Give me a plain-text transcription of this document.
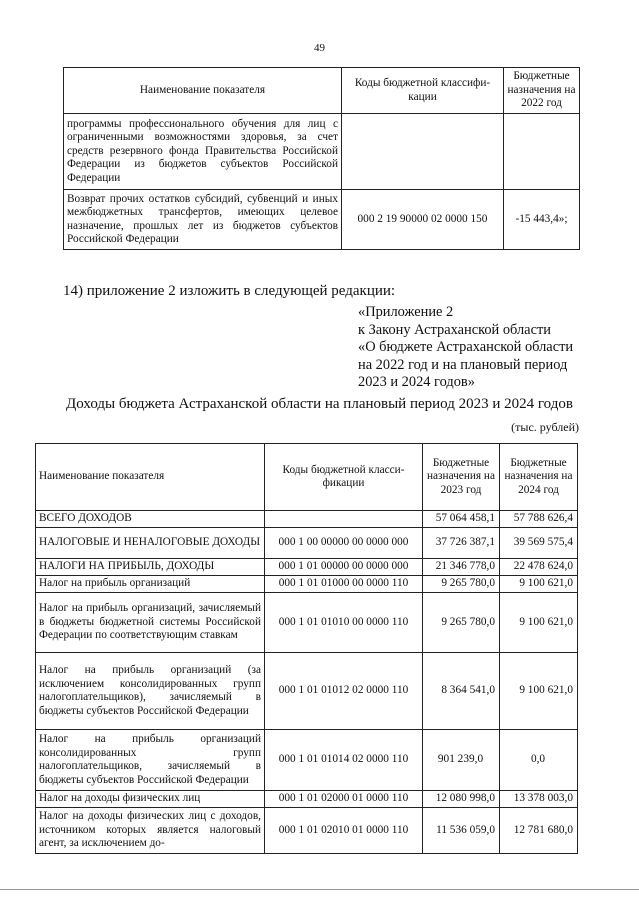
49
Наименование показателя	Коды бюджетной классифи-кации	Бюджетные назначения на 2022 год
программы профессионального обучения для лиц с ограниченными возможностями здоровья, за счет средств резервного фонда Правительства Российской Федерации из бюджетов субъектов Российской Федерации		
Возврат прочих остатков субсидий, субвенций и иных межбюджетных трансфертов, имеющих целевое назначение, прошлых лет из бюджетов субъектов Российской Федерации	000 2 19 90000 02 0000 150	-15 443,4»;
14) приложение 2 изложить в следующей редакции:
«Приложение 2
к Закону Астраханской области
«О бюджете Астраханской области
на 2022 год и на плановый период
2023 и 2024 годов»
Доходы бюджета Астраханской области на плановый период 2023 и 2024 годов
(тыс. рублей)
Наименование показателя	Коды бюджетной класси-фикации	Бюджетные назначения на 2023 год	Бюджетные назначения на 2024 год
ВСЕГО ДОХОДОВ		57 064 458,1	57 788 626,4
НАЛОГОВЫЕ И НЕНАЛОГОВЫЕ ДОХОДЫ	000 1 00 00000 00 0000 000	37 726 387,1	39 569 575,4
НАЛОГИ НА ПРИБЫЛЬ, ДОХОДЫ	000 1 01 00000 00 0000 000	21 346 778,0	22 478 624,0
Налог на прибыль организаций	000 1 01 01000 00 0000 110	9 265 780,0	9 100 621,0
Налог на прибыль организаций, зачисляемый в бюджеты бюджетной системы Российской Федерации по соответствующим ставкам	000 1 01 01010 00 0000 110	9 265 780,0	9 100 621,0
Налог на прибыль организаций (за исключением консолидированных групп налогоплательщиков), зачисляемый в бюджеты субъектов Российской Федерации	000 1 01 01012 02 0000 110	8 364 541,0	9 100 621,0
Налог на прибыль организаций консолидированных групп налогоплательщиков, зачисляемый в бюджеты субъектов Российской Федерации	000 1 01 01014 02 0000 110	901 239,0	0,0
Налог на доходы физических лиц	000 1 01 02000 01 0000 110	12 080 998,0	13 378 003,0
Налог на доходы физических лиц с доходов, источником которых является налоговый агент, за исключением до-	000 1 01 02010 01 0000 110	11 536 059,0	12 781 680,0
